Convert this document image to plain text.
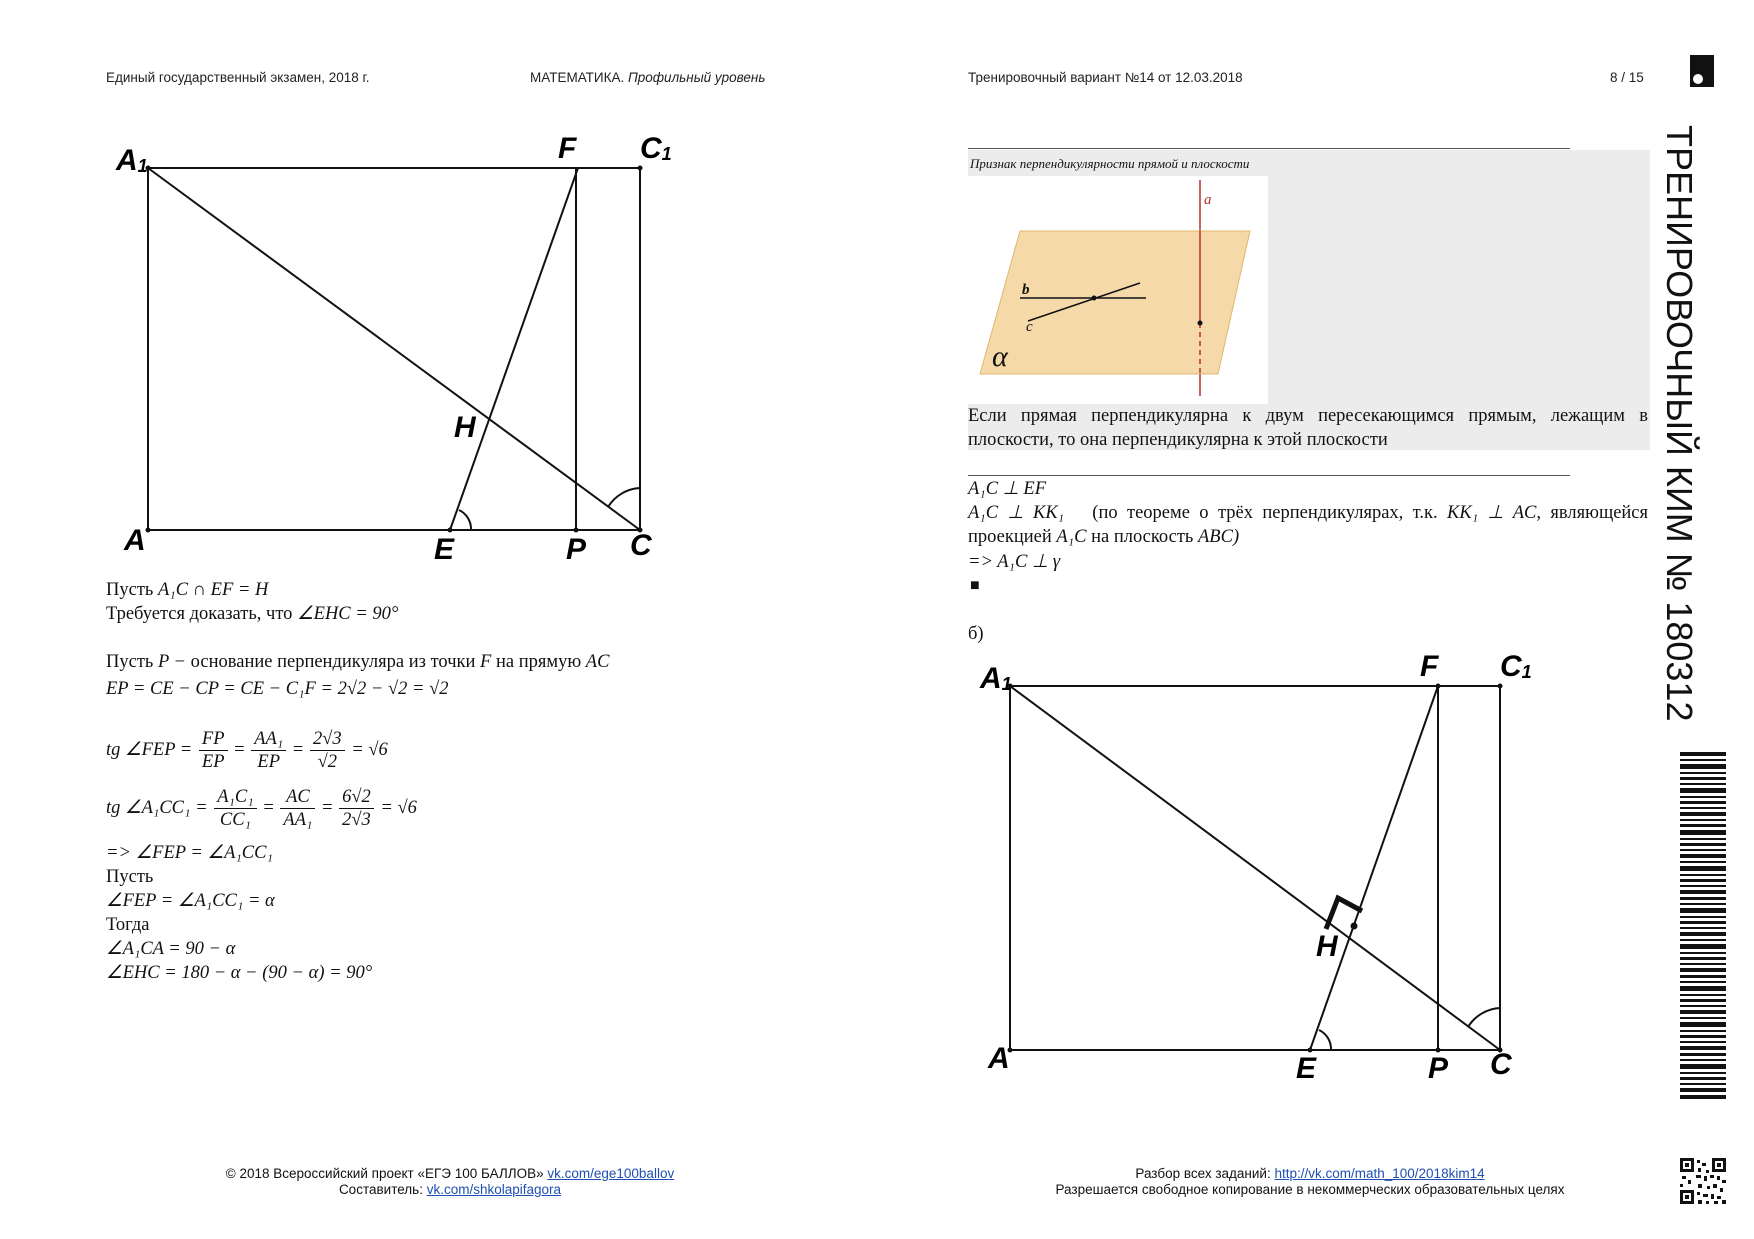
Единый государственный экзамен, 2018 г.	МАТЕМАТИКА. Профильный уровень	Тренировочный вариант №14 от 12.03.2018	8 / 15
ТРЕНИРОВОЧНЫЙ КИМ № 180312
A1
F C1
H
A	E	P C
Пусть A₁C ∩ EF = H
Требуется доказать, что ∠EHC = 90°
Пусть P − основание перпендикуляра из точки F на прямую AC
EP = CE − CP = CE − C₁F = 2√2 − √2 = √2
tg ∠FEP = $\frac{FP}{EP} = \frac{\text{AA₁}}{EP} = \frac{2√3}{√2} = √6$
tg ∠A₁CC₁ = $\frac{\text{A₁C₁}}{\text{CC₁}} = \frac{AC}{\text{AA₁}} = \frac{6√2}{2√3} = √6$
=> ∠FEP = ∠A₁CC₁
Пусть
∠FEP = ∠A₁CC₁ = α
Тогда
∠A₁CA = 90 − α
∠EHC = 180 − α − (90 − α) = 90°
Признак перпендикулярности прямой и плоскости
a
b
c
α
Если прямая перпендикулярна к двум пересекающимся прямым, лежащим в плоскости, то она перпендикулярна к этой плоскости
A₁C ⊥ EF
A₁C ⊥ KK₁ (по теореме о трёх перпендикулярах, т.к. KK₁ ⊥ AC, являющейся проекцией A₁C на плоскость ABC)
=> A₁C ⊥ γ
■
б)
A1
F C1
H
A	E	P C
© 2018 Всероссийский проект «ЕГЭ 100 БАЛЛОВ» vk.com/ege100ballov
Составитель: vk.com/shkolapifagora
Разбор всех заданий: http://vk.com/math_100/2018kim14
Разрешается свободное копирование в некоммерческих образовательных целях
